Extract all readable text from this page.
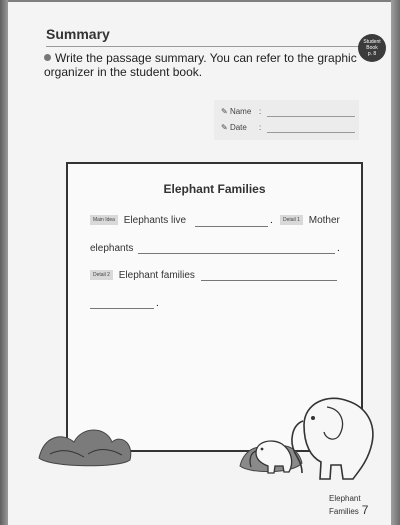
Summary	Student
Book
p. 8
Write the passage summary. You can refer to the graphic organizer in the student book.
✎ Name :
✎ Date :
Elephant Families
Main Idea Elephants live	.	Detail 1 Mother
elephants	.
Detail 2 Elephant families
.
Elephant Families 7
